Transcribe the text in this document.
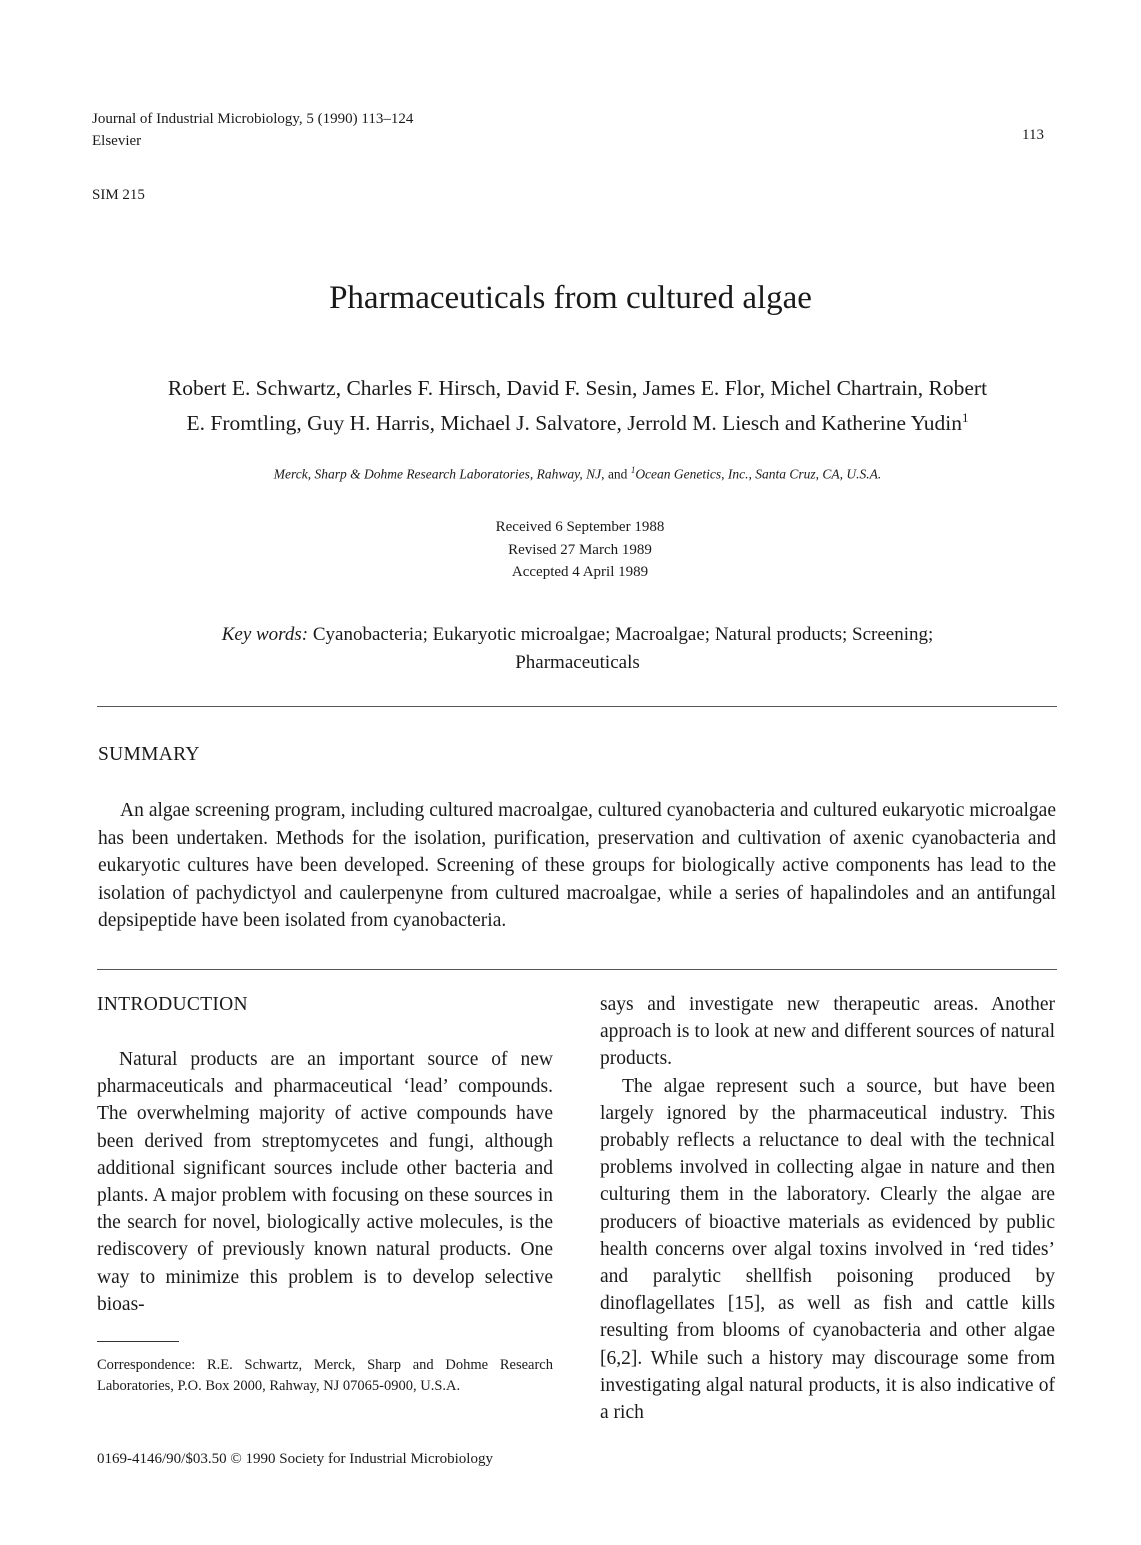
Journal of Industrial Microbiology, 5 (1990) 113–124
Elsevier	113
SIM 215
Pharmaceuticals from cultured algae
Robert E. Schwartz, Charles F. Hirsch, David F. Sesin, James E. Flor, Michel Chartrain, Robert
E. Fromtling, Guy H. Harris, Michael J. Salvatore, Jerrold M. Liesch and Katherine Yudin$^1$
Merck, Sharp & Dohme Research Laboratories, Rahway, NJ, and $^1$Ocean Genetics, Inc., Santa Cruz, CA, U.S.A.
Received 6 September 1988
Revised 27 March 1989
Accepted 4 April 1989
Key words: Cyanobacteria; Eukaryotic microalgae; Macroalgae; Natural products; Screening;
Pharmaceuticals
SUMMARY

An algae screening program, including cultured macroalgae, cultured cyanobacteria and cultured eukaryotic microalgae has been undertaken. Methods for the isolation, purification, preservation and cultivation of axenic cyanobacteria and eukaryotic cultures have been developed. Screening of these groups for biologically active components has lead to the isolation of pachydictyol and caulerpenyne from cultured macroalgae, while a series of hapalindoles and an antifungal depsipeptide have been isolated from cyanobacteria.

INTRODUCTION

Natural products are an important source of new pharmaceuticals and pharmaceutical ‘lead’ compounds. The overwhelming majority of active compounds have been derived from streptomycetes and fungi, although additional significant sources include other bacteria and plants. A major problem with focusing on these sources in the search for novel, biologically active molecules, is the rediscovery of previously known natural products. One way to minimize this problem is to develop selective bioas-

says and investigate new therapeutic areas. Another approach is to look at new and different sources of natural products.

The algae represent such a source, but have been largely ignored by the pharmaceutical industry. This probably reflects a reluctance to deal with the technical problems involved in collecting algae in nature and then culturing them in the laboratory. Clearly the algae are producers of bioactive materials as evidenced by public health concerns over algal toxins involved in ‘red tides’ and paralytic shellfish poisoning produced by dinoflagellates [15], as well as fish and cattle kills resulting from blooms of cyanobacteria and other algae [6,2]. While such a history may discourage some from investigating algal natural products, it is also indicative of a rich

Correspondence: R.E. Schwartz, Merck, Sharp and Dohme Research Laboratories, P.O. Box 2000, Rahway, NJ 07065-0900, U.S.A.
0169-4146/90/$03.50 © 1990 Society for Industrial Microbiology
